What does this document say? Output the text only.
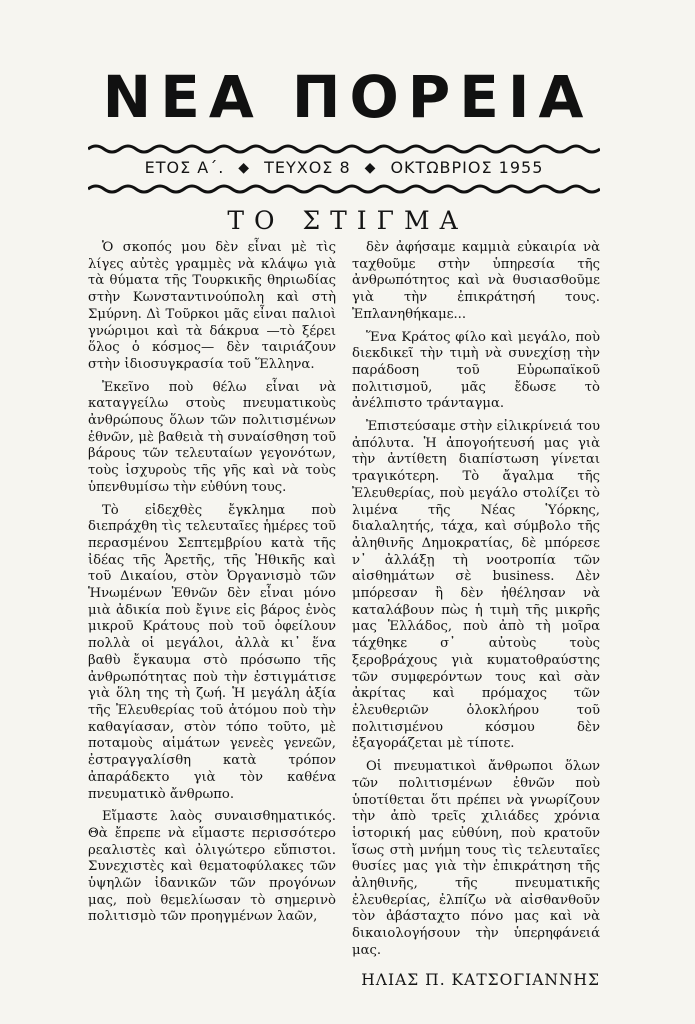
ΝΕΑ ΠΟΡΕΙΑ
ΕΤΟΣ Α΄. ◆ ΤΕΥΧΟΣ 8 ◆ ΟΚΤΩΒΡΙΟΣ 1955
ΤΟ ΣΤΙΓΜΑ

Ὁ σκοπός μου δὲν εἶναι μὲ τὶς λίγες αὐτὲς γραμμὲς νὰ κλάψω γιὰ τὰ θύματα τῆς Τουρκικῆς θηριωδίας στὴν Κωνσταντινούπολη καὶ στὴ Σμύρνη. Δὶ Τοῦρκοι μᾶς εἶναι παλιοὶ γνώριμοι καὶ τὰ δάκρυα —τὸ ξέρει ὅλος ὁ κόσμος— δὲν ταιριάζουν στὴν ἰδιοσυγκρασία τοῦ Ἕλληνα.

Ἐκεῖνο ποὺ θέλω εἶναι νὰ καταγγείλω στοὺς πνευματικοὺς ἀνθρώπους ὅλων τῶν πολιτισμένων ἐθνῶν, μὲ βαθειὰ τὴ συναίσθηση τοῦ βάρους τῶν τελευταίων γεγονότων, τοὺς ἰσχυροὺς τῆς γῆς καὶ νὰ τοὺς ὑπενθυμίσω τὴν εὐθύνη τους.

Τὸ εἰδεχθὲς ἔγκλημα ποὺ διεπράχθη τὶς τελευταῖες ἡμέρες τοῦ περασμένου Σεπτεμβρίου κατὰ τῆς ἰδέας τῆς Ἀρετῆς, τῆς Ἠθικῆς καὶ τοῦ Δικαίου, στὸν Ὀργανισμὸ τῶν Ἡνωμένων Ἐθνῶν δὲν εἶναι μόνο μιὰ ἀδικία ποὺ ἔγινε εἰς βάρος ἑνὸς μικροῦ Κράτους ποὺ τοῦ ὀφείλουν πολλὰ οἱ μεγάλοι, ἀλλὰ κι᾿ ἕνα βαθὺ ἔγκαυμα στὸ πρόσωπο τῆς ἀνθρωπότητας ποὺ τὴν ἐστιγμάτισε γιὰ ὅλη της τὴ ζωή. Ἡ μεγάλη ἀξία τῆς Ἐλευθερίας τοῦ ἀτόμου ποὺ τὴν καθαγίασαν, στὸν τόπο τοῦτο, μὲ ποταμοὺς αἱμάτων γενεὲς γενεῶν, ἐστραγγαλίσθη κατὰ τρόπον ἀπαράδεκτο γιὰ τὸν καθένα πνευματικὸ ἄνθρωπο.

Εἴμαστε λαὸς συναισθηματικός. Θὰ ἔπρεπε νὰ εἴμαστε περισσότερο ρεαλιστὲς καὶ ὀλιγώτερο εὔπιστοι. Συνεχιστὲς καὶ θεματοφύλακες τῶν ὑψηλῶν ἰδανικῶν τῶν προγόνων μας, ποὺ θεμελίωσαν τὸ σημερινὸ πολιτισμὸ τῶν προηγμένων λαῶν,

δὲν ἀφήσαμε καμμιὰ εὐκαιρία νὰ ταχθοῦμε στὴν ὑπηρεσία τῆς ἀνθρωπότητος καὶ νὰ θυσιασθοῦμε γιὰ τὴν ἐπικράτησή τους. Ἐπλανηθήκαμε...

Ἕνα Κράτος φίλο καὶ μεγάλο, ποὺ διεκδικεῖ τὴν τιμὴ νὰ συνεχίσῃ τὴν παράδοση τοῦ Εὐρωπαϊκοῦ πολιτισμοῦ, μᾶς ἔδωσε τὸ ἀνέλπιστο τράνταγμα.

Ἐπιστεύσαμε στὴν εἰλικρίνειά του ἀπόλυτα. Ἡ ἀπογοήτευσή μας γιὰ τὴν ἀντίθετη διαπίστωση γίνεται τραγικότερη. Τὸ ἄγαλμα τῆς Ἐλευθερίας, ποὺ μεγάλο στολίζει τὸ λιμένα τῆς Νέας Ὑόρκης, διαλαλητής, τάχα, καὶ σύμβολο τῆς ἀληθινῆς Δημοκρατίας, δὲ μπόρεσε ν᾿ ἀλλάξῃ τὴ νοοτροπία τῶν αἰσθημάτων σὲ business. Δὲν μπόρεσαν ἢ δὲν ἠθέλησαν νὰ καταλάβουν πὼς ἡ τιμὴ τῆς μικρῆς μας Ἑλλάδος, ποὺ ἀπὸ τὴ μοῖρα τάχθηκε σ᾿ αὐτοὺς τοὺς ξεροβράχους γιὰ κυματοθραύστης τῶν συμφερόντων τους καὶ σὰν ἀκρίτας καὶ πρόμαχος τῶν ἐλευθεριῶν ὁλοκλήρου τοῦ πολιτισμένου κόσμου δὲν ἐξαγοράζεται μὲ τίποτε.

Οἱ πνευματικοὶ ἄνθρωποι ὅλων τῶν πολιτισμένων ἐθνῶν ποὺ ὑποτίθεται ὅτι πρέπει νὰ γνωρίζουν τὴν ἀπὸ τρεῖς χιλιάδες χρόνια ἱστορική μας εὐθύνη, ποὺ κρατοῦν ἴσως στὴ μνήμη τους τὶς τελευταῖες θυσίες μας γιὰ τὴν ἐπικράτηση τῆς ἀληθινῆς, τῆς πνευματικῆς ἐλευθερίας, ἐλπίζω νὰ αἰσθανθοῦν τὸν ἀβάσταχτο πόνο μας καὶ νὰ δικαιολογήσουν τὴν ὑπερηφάνειά μας.

ΗΛΙΑΣ Π. ΚΑΤΣΟΓΙΑΝΝΗΣ
